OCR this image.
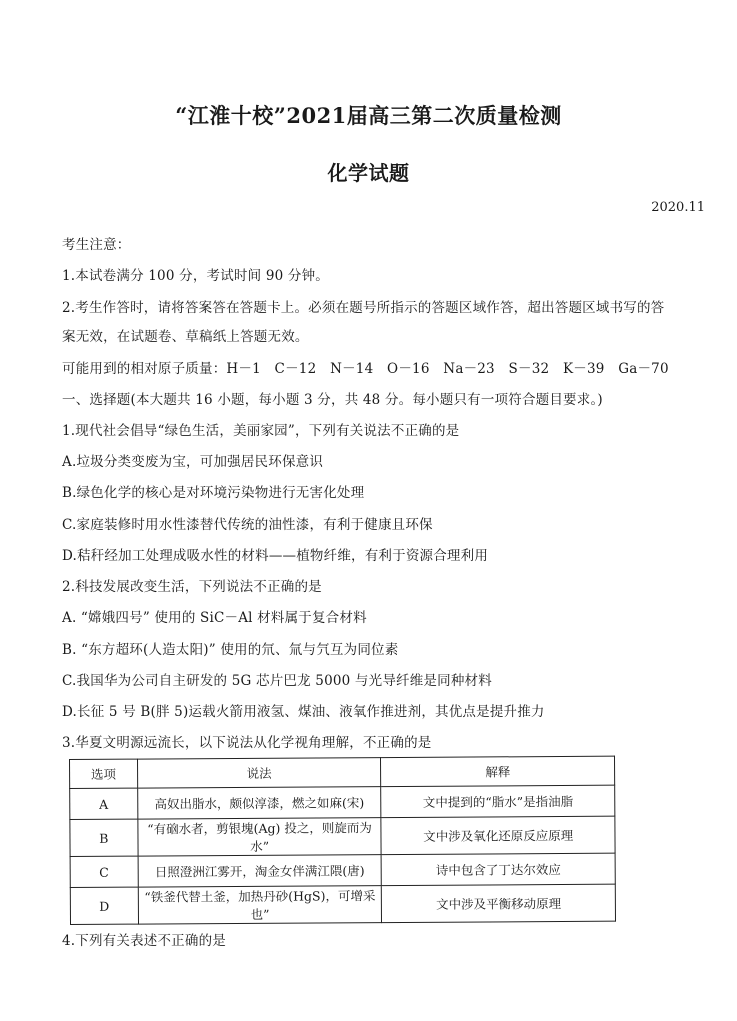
“江淮十校”2021届高三第二次质量检测
化学试题
2020.11
考生注意：
1.本试卷满分 100 分，考试时间 90 分钟。
2.考生作答时，请将答案答在答题卡上。必须在题号所指示的答题区域作答，超出答题区域书写的答
案无效，在试题卷、草稿纸上答题无效。
可能用到的相对原子质量：H－1　C－12　N－14　O－16　Na－23　S－32　K－39　Ga－70
一、选择题(本大题共 16 小题，每小题 3 分，共 48 分。每小题只有一项符合题目要求。)
1.现代社会倡导“绿色生活，美丽家园”，下列有关说法不正确的是
A.垃圾分类变废为宝，可加强居民环保意识
B.绿色化学的核心是对环境污染物进行无害化处理
C.家庭装修时用水性漆替代传统的油性漆，有利于健康且环保
D.秸秆经加工处理成吸水性的材料——植物纤维，有利于资源合理利用
2.科技发展改变生活，下列说法不正确的是
A. “嫦娥四号” 使用的 SiC－Al 材料属于复合材料
B. “东方超环(人造太阳)” 使用的氘、氚与氕互为同位素
C.我国华为公司自主研发的 5G 芯片巴龙 5000 与光导纤维是同种材料
D.长征 5 号 B(胖 5)运载火箭用液氢、煤油、液氧作推进剂，其优点是提升推力
3.华夏文明源远流长，以下说法从化学视角理解，不正确的是
选项	说法	解释
A	高奴出脂水，颇似淳漆，燃之如麻(宋)	文中提到的“脂水”是指油脂
B	“有硇水者，剪银塊(Ag) 投之，则旋而为水”	文中涉及氧化还原反应原理
C	日照澄洲江雾开，淘金女伴满江隈(唐)	诗中包含了丁达尔效应
D	“铁釜代替土釜，加热丹砂(HgS)，可增采也”	文中涉及平衡移动原理
4.下列有关表述不正确的是
